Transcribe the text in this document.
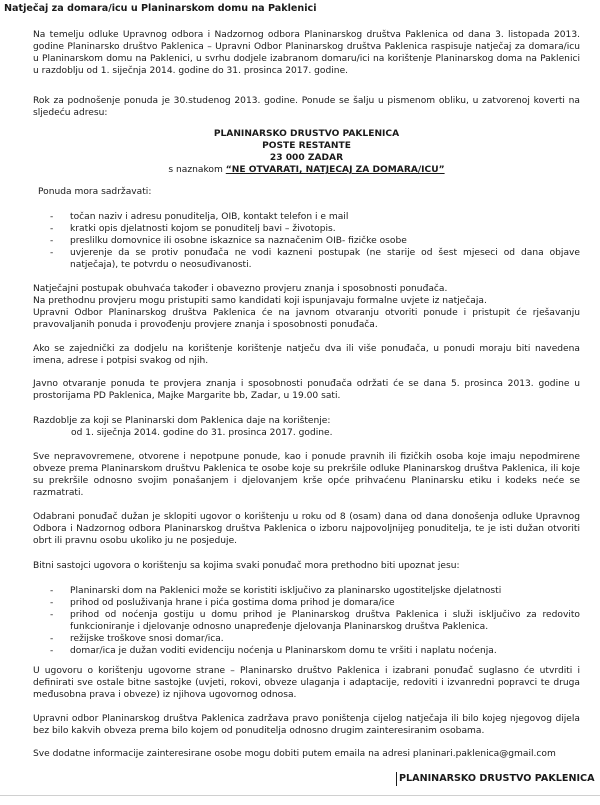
Natječaj za domara/icu u Planinarskom domu na Paklenici
Na temelju odluke Upravnog odbora i Nadzornog odbora Planinarskog društva Paklenica od dana 3. listopada 2013. godine Planinarsko društvo Paklenica – Upravni Odbor Planinarskog društva Paklenica raspisuje natječaj za domara/icu u Planinarskom domu na Paklenici, u svrhu dodjele izabranom domaru/ici na korištenje Planinarskog doma na Paklenici u razdoblju od 1. siječnja 2014. godine do 31. prosinca 2017. godine.
Rok za podnošenje ponuda je 30.studenog 2013. godine. Ponude se šalju u pismenom obliku, u zatvorenoj koverti na sljedeću adresu:
PLANINARSKO DRUSTVO PAKLENICA
POSTE RESTANTE
23 000 ZADAR
s naznakom “NE OTVARATI, NATJECAJ ZA DOMARA/ICU”
Ponuda mora sadržavati:
- točan naziv i adresu ponuditelja, OIB, kontakt telefon i e mail
- kratki opis djelatnosti kojom se ponuditelj bavi – životopis.
- preslilku domovnice ili osobne iskaznice sa naznačenim OIB- fizičke osobe
- uvjerenje da se protiv ponuđača ne vodi kazneni postupak (ne starije od šest mjeseci od dana objave natječaja), te potvrdu o neosuđivanosti.
Natječajni postupak obuhvaća također i obavezno provjeru znanja i sposobnosti ponuđača.
Na prethodnu provjeru mogu pristupiti samo kandidati koji ispunjavaju formalne uvjete iz natječaja.
Upravni Odbor Planinarskog društva Paklenica će na javnom otvaranju otvoriti ponude i pristupit će rješavanju pravovaljanih ponuda i provođenju provjere znanja i sposobnosti ponuđača.
Ako se zajednički za dodjelu na korištenje korištenje natječu dva ili više ponuđača, u ponudi moraju biti navedena imena, adrese i potpisi svakog od njih.
Javno otvaranje ponuda te provjera znanja i sposobnosti ponuđača održati će se dana 5. prosinca 2013. godine u prostorijama PD Paklenica, Majke Margarite bb, Zadar, u 19.00 sati.
Razdoblje za koji se Planinarski dom Paklenica daje na korištenje:
od 1. siječnja 2014. godine do 31. prosinca 2017. godine.
Sve nepravovremene, otvorene i nepotpune ponude, kao i ponude pravnih ili fizičkih osoba koje imaju nepodmirene obveze prema Planinarskom društvu Paklenica te osobe koje su prekršile odluke Planinarskog društva Paklenica, ili koje su prekršile odnosno svojim ponašanjem i djelovanjem krše opće prihvaćenu Planinarsku etiku i kodeks neće se razmatrati.
Odabrani ponuđač dužan je sklopiti ugovor o korištenju u roku od 8 (osam) dana od dana donošenja odluke Upravnog Odbora i Nadzornog odbora Planinarskog društva Paklenica o izboru najpovoljnijeg ponuditelja, te je isti dužan otvoriti obrt ili pravnu osobu ukoliko ju ne posjeduje.
Bitni sastojci ugovora o korištenju sa kojima svaki ponuđač mora prethodno biti upoznat jesu:
- Planinarski dom na Paklenici može se koristiti isključivo za planinarsko ugostiteljske djelatnosti
- prihod od posluživanja hrane i pića gostima doma prihod je domara/ice
- prihod od noćenja gostiju u domu prihod je Planinarskog društva Paklenica i služi isključivo za redovito funkcioniranje i djelovanje odnosno unapređenje djelovanja Planinarskog društva Paklenica.
- režijske troškove snosi domar/ica.
- domar/ica je dužan voditi evidenciju noćenja u Planinarskom domu te vršiti i naplatu noćenja.
U ugovoru o korištenju ugovorne strane – Planinarsko društvo Paklenica i izabrani ponuđač suglasno će utvrditi i definirati sve ostale bitne sastojke (uvjeti, rokovi, obveze ulaganja i adaptacije, redoviti i izvanredni popravci te druga međusobna prava i obveze) iz njihova ugovornog odnosa.
Upravni odbor Planinarskog društva Paklenica zadržava pravo poništenja cijelog natječaja ili bilo kojeg njegovog dijela bez bilo kakvih obveza prema bilo kojem od ponuditelja odnosno drugim zainteresiranim osobama.
Sve dodatne informacije zainteresirane osobe mogu dobiti putem emaila na adresi planinari.paklenica@gmail.com
PLANINARSKO DRUSTVO PAKLENICA
